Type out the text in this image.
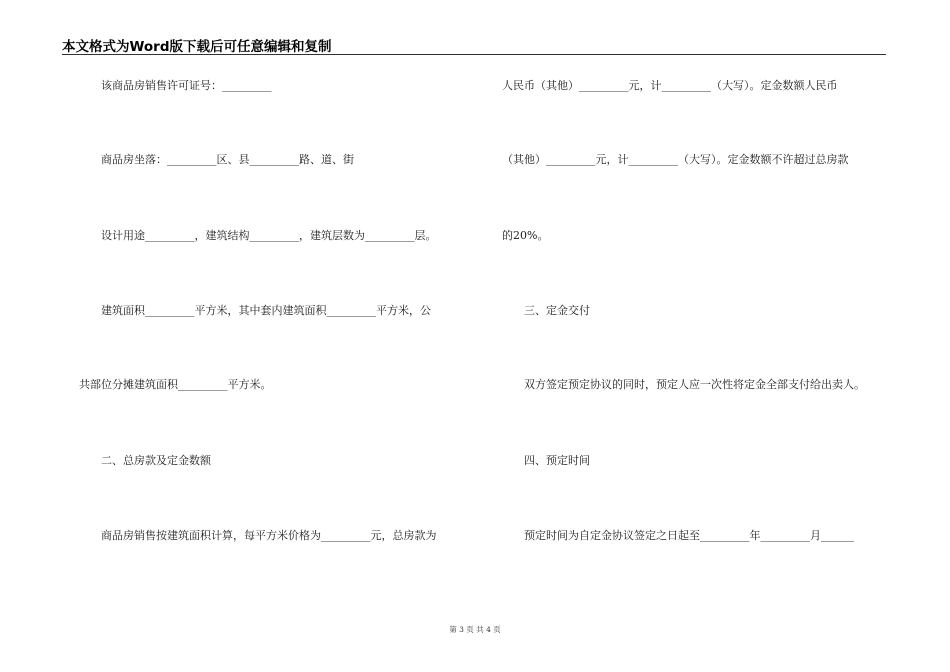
本文格式为Word版下载后可任意编辑和复制
该商品房销售许可证号：_________
商品房坐落：_________区、县_________路、道、街
设计用途_________，建筑结构_________，建筑层数为_________层。
建筑面积_________平方米，其中套内建筑面积_________平方米，公
共部位分摊建筑面积_________平方米。
二、总房款及定金数额
商品房销售按建筑面积计算，每平方米价格为_________元，总房款为
人民币（其他）_________元，计_________（大写）。定金数额人民币
（其他）_________元，计_________（大写）。定金数额不许超过总房款
的20%。
三、定金交付
双方签定预定协议的同时，预定人应一次性将定金全部支付给出卖人。
四、预定时间
预定时间为自定金协议签定之日起至_________年_________月______
第 3 页 共 4 页
